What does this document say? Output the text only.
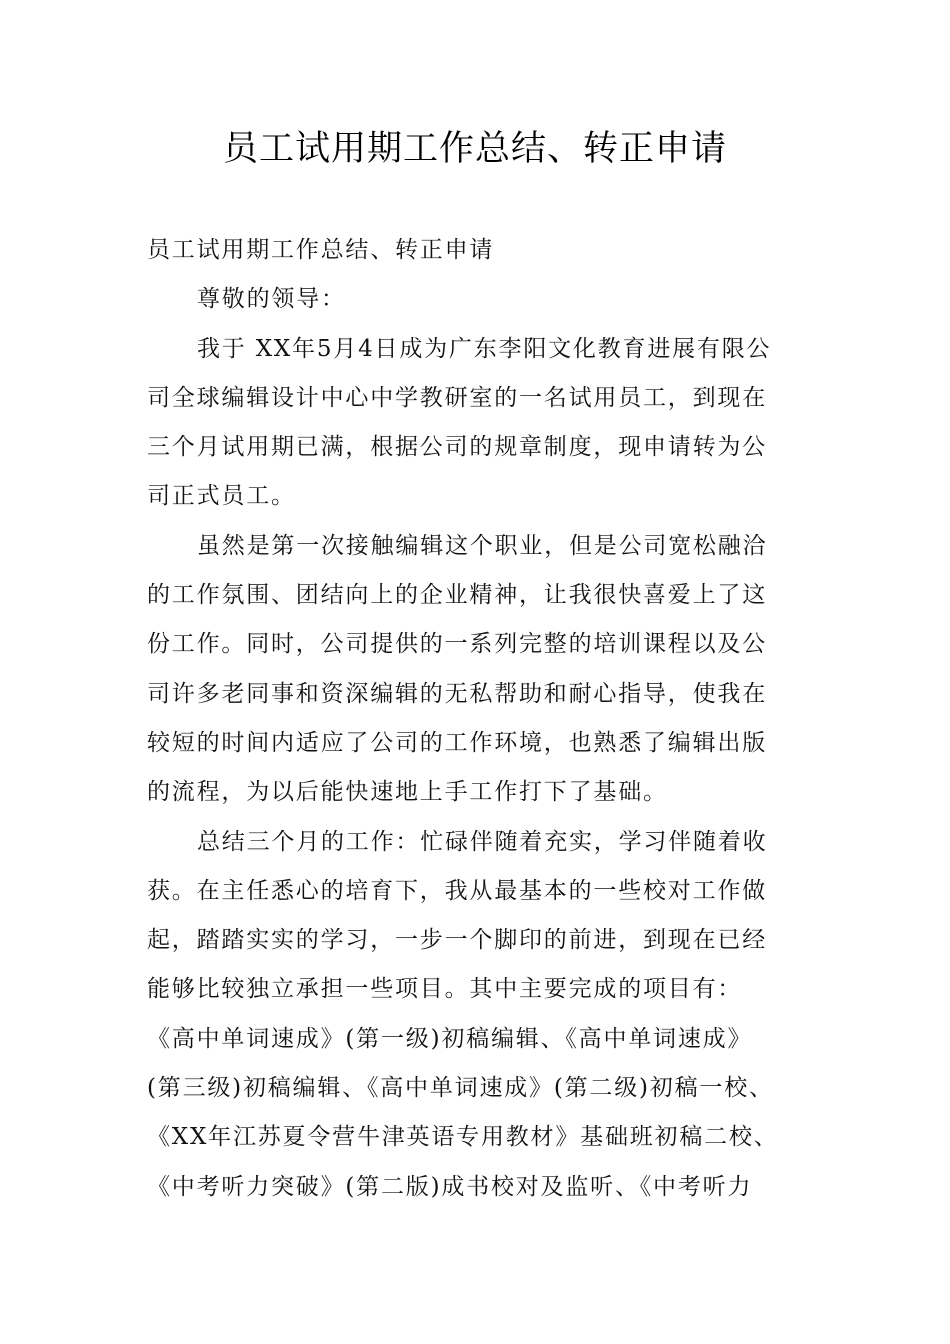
员工试用期工作总结、转正申请
员工试用期工作总结、转正申请
尊敬的领导：
我于 XX年5月4日成为广东李阳文化教育进展有限公
司全球编辑设计中心中学教研室的一名试用员工，到现在
三个月试用期已满，根据公司的规章制度，现申请转为公
司正式员工。
虽然是第一次接触编辑这个职业，但是公司宽松融洽
的工作氛围、团结向上的企业精神，让我很快喜爱上了这
份工作。同时，公司提供的一系列完整的培训课程以及公
司许多老同事和资深编辑的无私帮助和耐心指导，使我在
较短的时间内适应了公司的工作环境，也熟悉了编辑出版
的流程，为以后能快速地上手工作打下了基础。
总结三个月的工作：忙碌伴随着充实，学习伴随着收
获。在主任悉心的培育下，我从最基本的一些校对工作做
起，踏踏实实的学习，一步一个脚印的前进，到现在已经
能够比较独立承担一些项目。其中主要完成的项目有：
《高中单词速成》(第一级)初稿编辑、《高中单词速成》
(第三级)初稿编辑、《高中单词速成》(第二级)初稿一校、
《XX年江苏夏令营牛津英语专用教材》基础班初稿二校、
《中考听力突破》(第二版)成书校对及监听、《中考听力
